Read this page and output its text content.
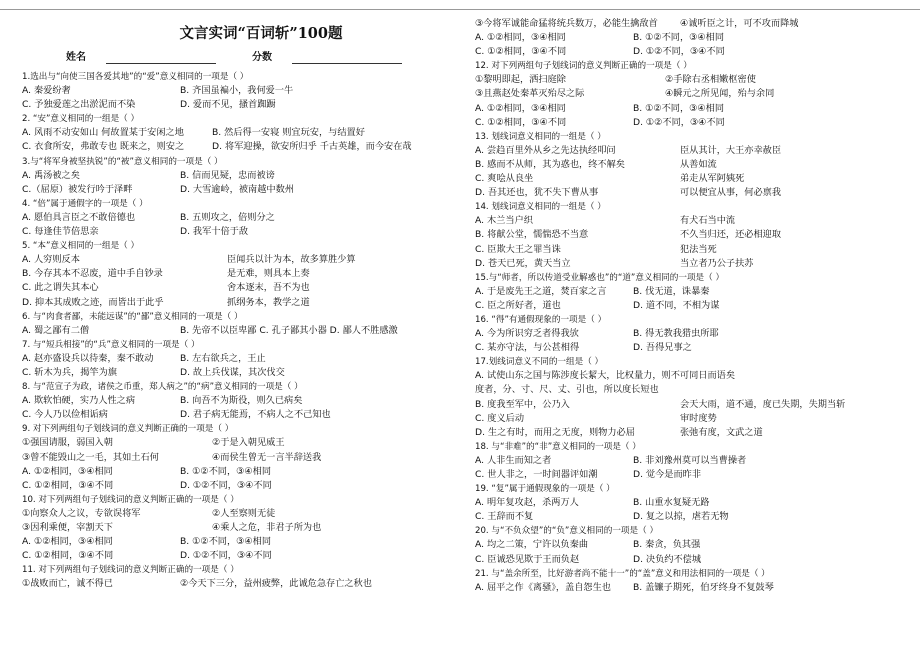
文言实词“百词斩”100题
姓名	分数
1.选出与“向使三国各爱其地”的“爱”意义相同的一项是（ ）
A. 秦爱纷奢	B. 齐国虽褊小，我何爱一牛
C. 予独爱莲之出淤泥而不染	D. 爱而不见，搔首踟蹰
2. “安”意义相同的一组是（ ）
A. 风雨不动安如山 何故置某于安闲之地	B. 然后得一安寝 则宜玩安，与结置好
C. 衣食所安，弗敢专也 既来之，则安之	D. 将军迎操，欲安所归乎 千古英雄，而今安在哉
3.与“将军身被坚执锐”的“被”意义相同的一项是（ ）
A. 禹汤被之矣	B. 信而见疑，忠而被谤
C.（屈原）被发行吟于泽畔	D. 大雪逾岭，被南越中数州
4. “倍”属于通假字的一项是（ ）
A. 愿伯具言臣之不敢倍德也	B. 五则攻之，倍则分之
C. 每逢佳节倍思亲	D. 我军十倍于敌
5. “本”意义相同的一组是（ ）
A. 人穷则反本	臣闻兵以计为本，故多算胜少算
B. 今存其本不忍废，道中手自钞录	是无难，则具本上奏
C. 此之谓失其本心	舍本逐末，吾不为也
D. 抑本其成败之迹，而皆出于此乎	抓纲务本，教学之道
6. 与“肉食者鄙，未能远谋”的“鄙”意义相同的一项是（ ）
A. 蜀之鄙有二僧	B. 先帝不以臣卑鄙 C. 孔子鄙其小器 D. 鄙人不胜感激
7. 与“短兵相接”的“兵”意义相同的一项是（ ）
A. 赵亦盛设兵以待秦，秦不敢动	B. 左右欲兵之，王止
C. 斩木为兵，揭竿为旗	D. 故上兵伐谋，其次伐交
8. 与“范宣子为政，诸侯之币重，郑人病之”的“病”意义相同的一项是（ ）
A. 欺软怕硬，实乃人性之病	B. 向吾不为斯役，则久已病矣
C. 今人乃以俭相诟病	D. 君子病无能焉，不病人之不己知也
9. 对下列两组句子划线词的意义判断正确的一项是（ ）
①强国请服，弱国入朝	②于是入朝见威王
③曾不能毁山之一毛，其如土石何	④而侯生曾无一言半辞送我
A. ①②相同，③④相同	B. ①②不同，③④相同
C. ①②相同，③④不同	D. ①②不同，③④不同
10. 对下列两组句子划线词的意义判断正确的一项是（ ）
①向察众人之议，专欲误将军	②人至察则无徒
③因利乘便，宰割天下	④乘人之危，非君子所为也
A. ①②相同，③④相同	B. ①②不同，③④相同
C. ①②相同，③④不同	D. ①②不同，③④不同
11. 对下列两组句子划线词的意义判断正确的一项是（ ）
①战败而亡，诚不得已	②今天下三分，益州疲弊，此诚危急存亡之秋也
③今将军诚能命猛将统兵数万，必能生擒敌首	④诚听臣之计，可不攻而降城
A. ①②相同，③④相同	B. ①②不同，③④相同
C. ①②相同，③④不同	D. ①②不同，③④不同
12. 对下列两组句子划线词的意义判断正确的一项是（ ）
①黎明即起，洒扫庭除	②手除右丞相嫩枢密使
③且燕赵处秦革灭殆尽之际	④瞬元之所见闻，殆与余同
A. ①②相同，③④相同	B. ①②不同，③④相同
C. ①②相同，③④不同	D. ①②不同，③④不同
13. 划线词意义相同的一组是（ ）
A. 尝趋百里外从乡之先达执经叩问	臣从其计，大王亦幸赦臣
B. 感而不从师，其为惑也，终不解矣	从善如流
C. 爽哙从良坐	弟走从军阿姨死
D. 吾其还也，犹不失下曹从事	可以便宜从事，何必禀我
14. 划线词意义相同的一组是（ ）
A. 木兰当户织	有犬石当中流
B. 将献公堂，懦惴恐不当意	不久当归还，还必相迎取
C. 臣欺大王之罪当诛	犯法当死
D. 苍天已死，黄天当立	当立者乃公子扶苏
15.与“师者，所以传道受业解惑也”的“道”意义相同的一项是（ ）
A. 于是废先王之道，焚百家之言	B. 伐无道，诛暴秦
C. 臣之所好者，道也	D. 道不同，不相为谋
16. “得”有通假现象的一项是（ ）
A. 今为所识穷乏者得我欤	B. 得无教我猎虫所耶
C. 某亦守法，与公甚相得	D. 吾得兄事之
17.划线词意义不同的一组是（ ）
A. 试使山东之国与陈涉度长絜大，比权量力，则不可同日而语矣
度者，分、寸、尺、丈、引也，所以度长短也
B. 度我至军中，公乃入	会天大雨，道不通，度已失期，失期当斩
C. 度义后动	审时度势
D. 生之有时，而用之无度，则物力必屈	张弛有度，文武之道
18. 与“非难”的“非”意义相同的一项是（ ）
A. 人非生而知之者	B. 非刘豫州莫可以当曹操者
C. 世人非之，一时间器评如潮	D. 觉今是而昨非
19. “复”属于通假现象的一项是（ ）
A. 明年复攻赵，杀两万人	B. 山重水复疑无路
C. 王辞而不复	D. 复之以掠，虐若无物
20. 与“不负众望”的“负”意义相同的一项是（ ）
A. 均之二策，宁许以负秦曲	B. 秦贪，负其强
C. 臣诚恐见欺于王而负赵	D. 决负约不偿城
21. 与“盖余所至，比好游者尚不能十一”的“盖”意义和用法相同的一项是（ ）
A. 屈平之作《离骚》，盖自怨生也	B. 盖镰子期死，伯牙终身不复鼓琴
